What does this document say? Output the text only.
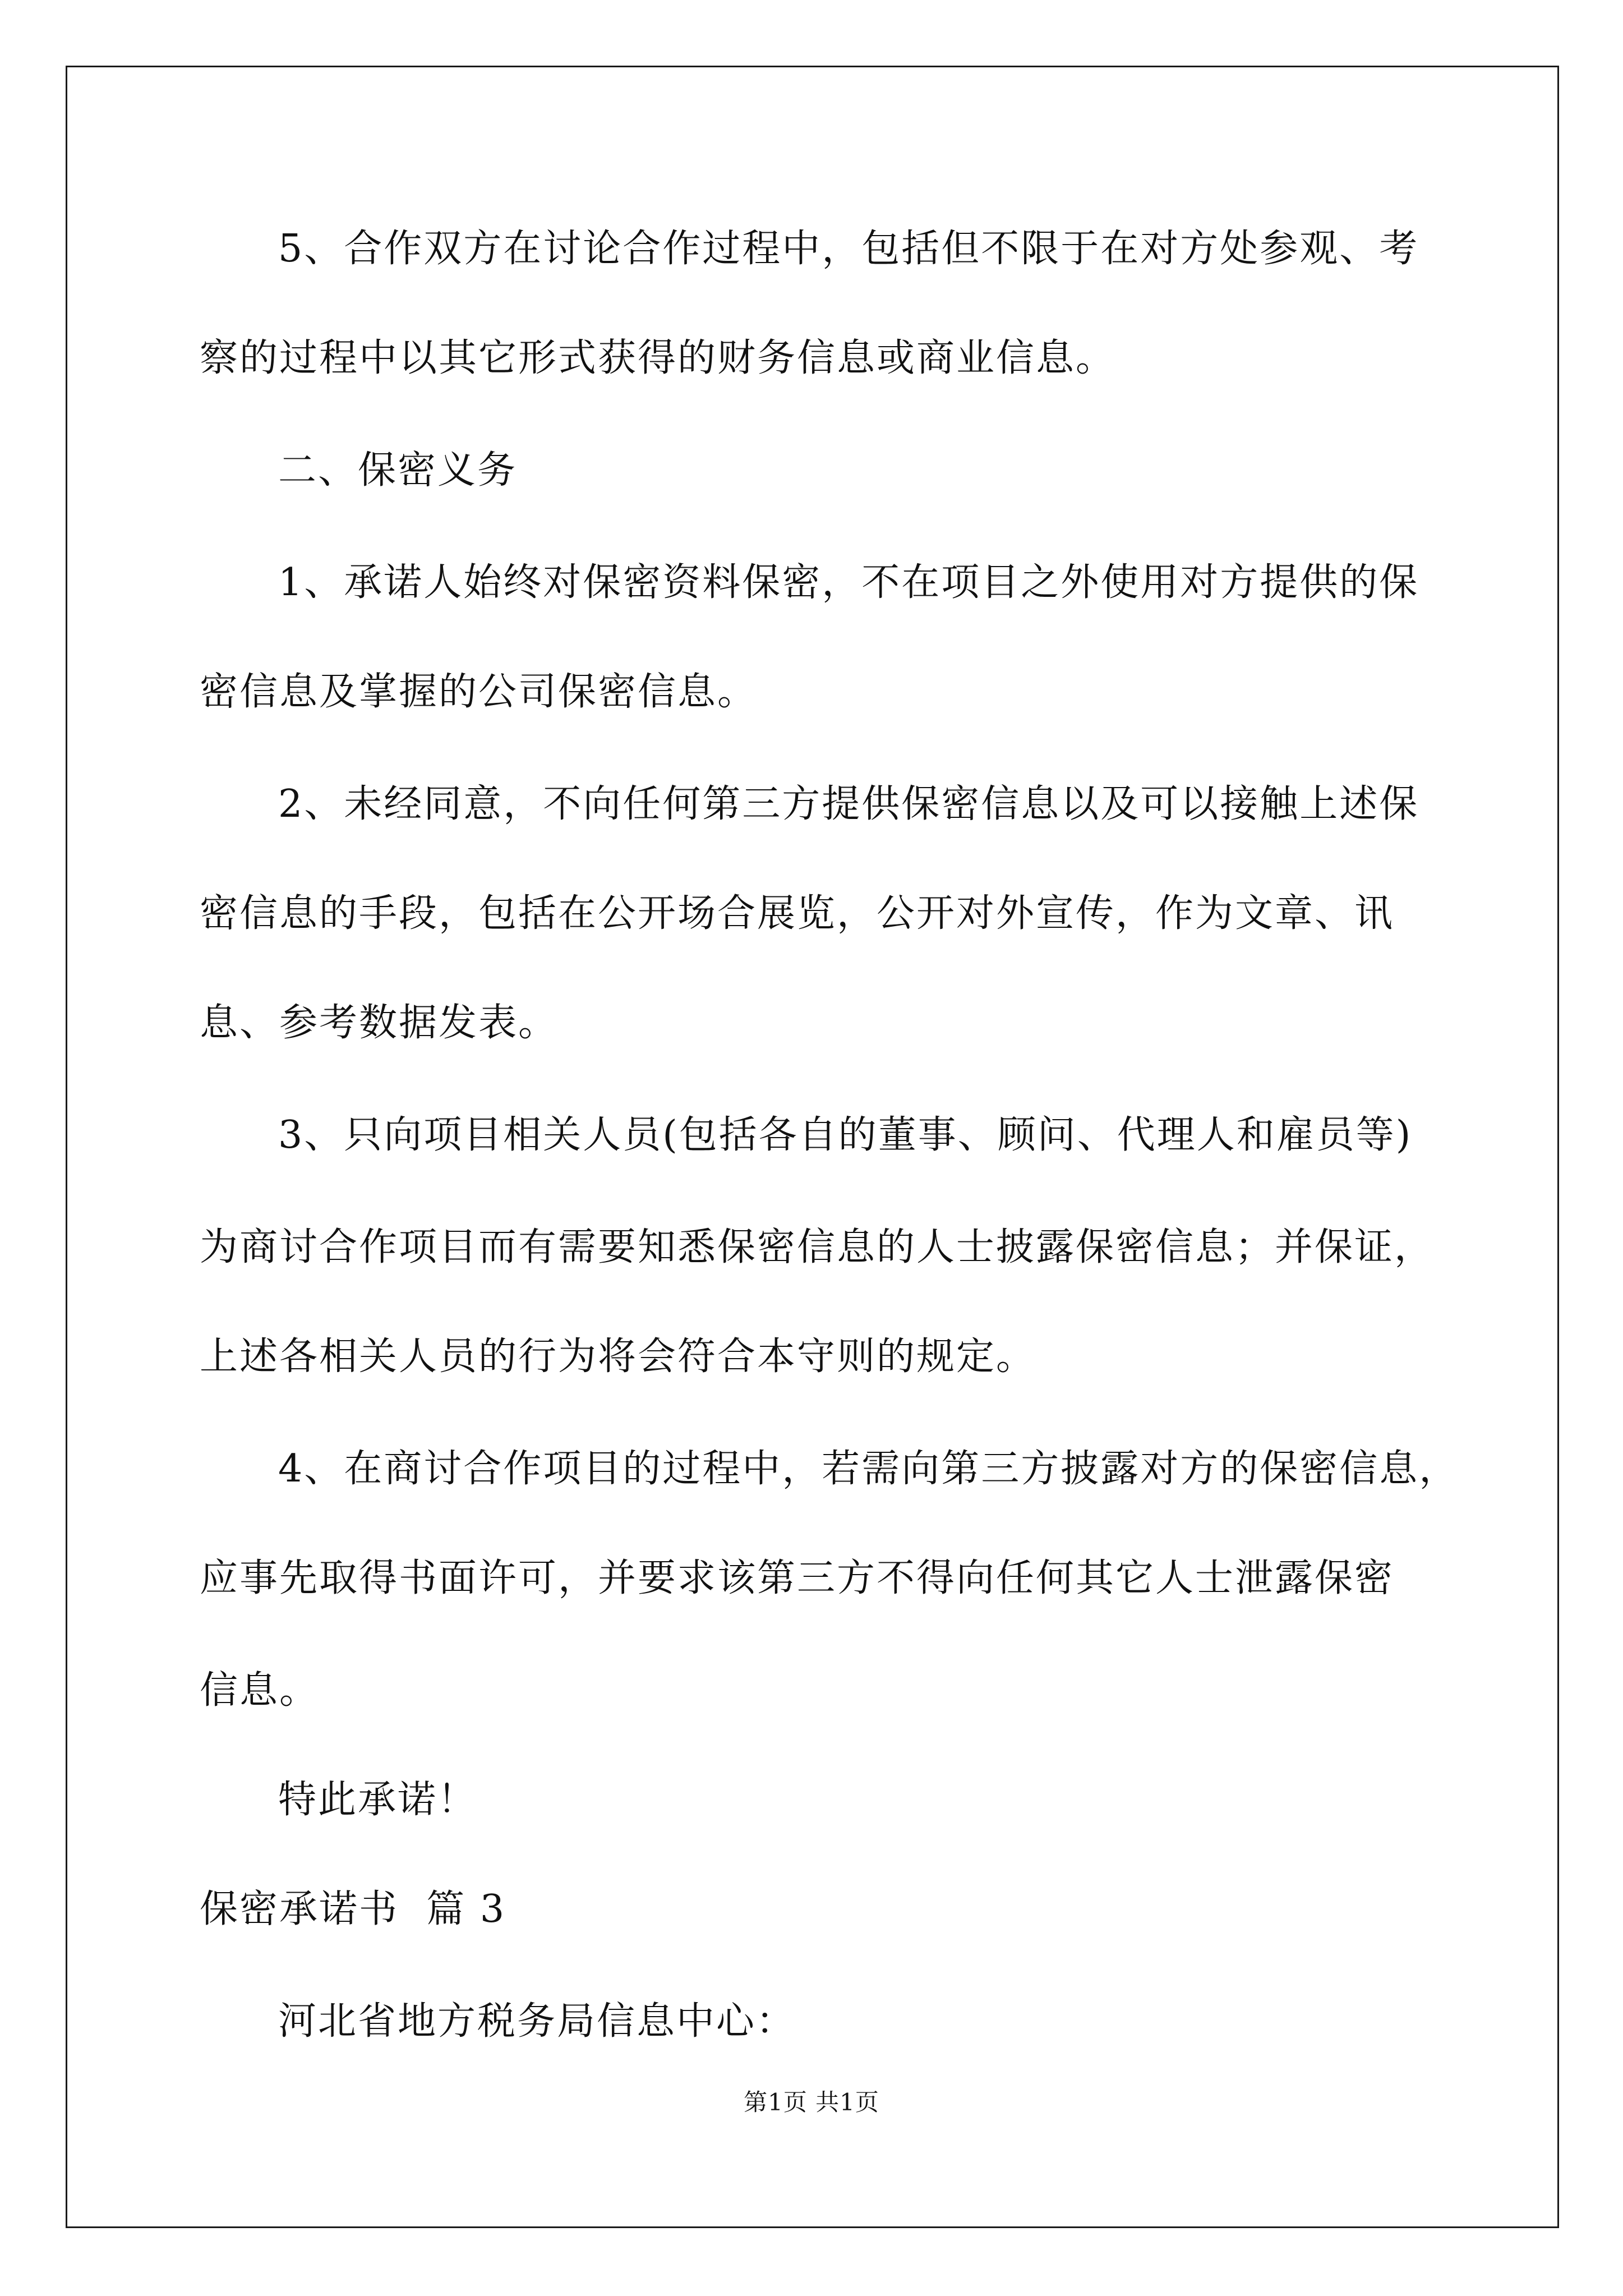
5、合作双方在讨论合作过程中，包括但不限于在对方处参观、考
察的过程中以其它形式获得的财务信息或商业信息。
二、保密义务
1、承诺人始终对保密资料保密，不在项目之外使用对方提供的保
密信息及掌握的公司保密信息。
2、未经同意，不向任何第三方提供保密信息以及可以接触上述保
密信息的手段，包括在公开场合展览，公开对外宣传，作为文章、讯
息、参考数据发表。
3、只向项目相关人员(包括各自的董事、顾问、代理人和雇员等)
为商讨合作项目而有需要知悉保密信息的人士披露保密信息；并保证，
上述各相关人员的行为将会符合本守则的规定。
4、在商讨合作项目的过程中，若需向第三方披露对方的保密信息，
应事先取得书面许可，并要求该第三方不得向任何其它人士泄露保密
信息。
特此承诺！
保密承诺书  篇 3
河北省地方税务局信息中心：
第1页 共1页
